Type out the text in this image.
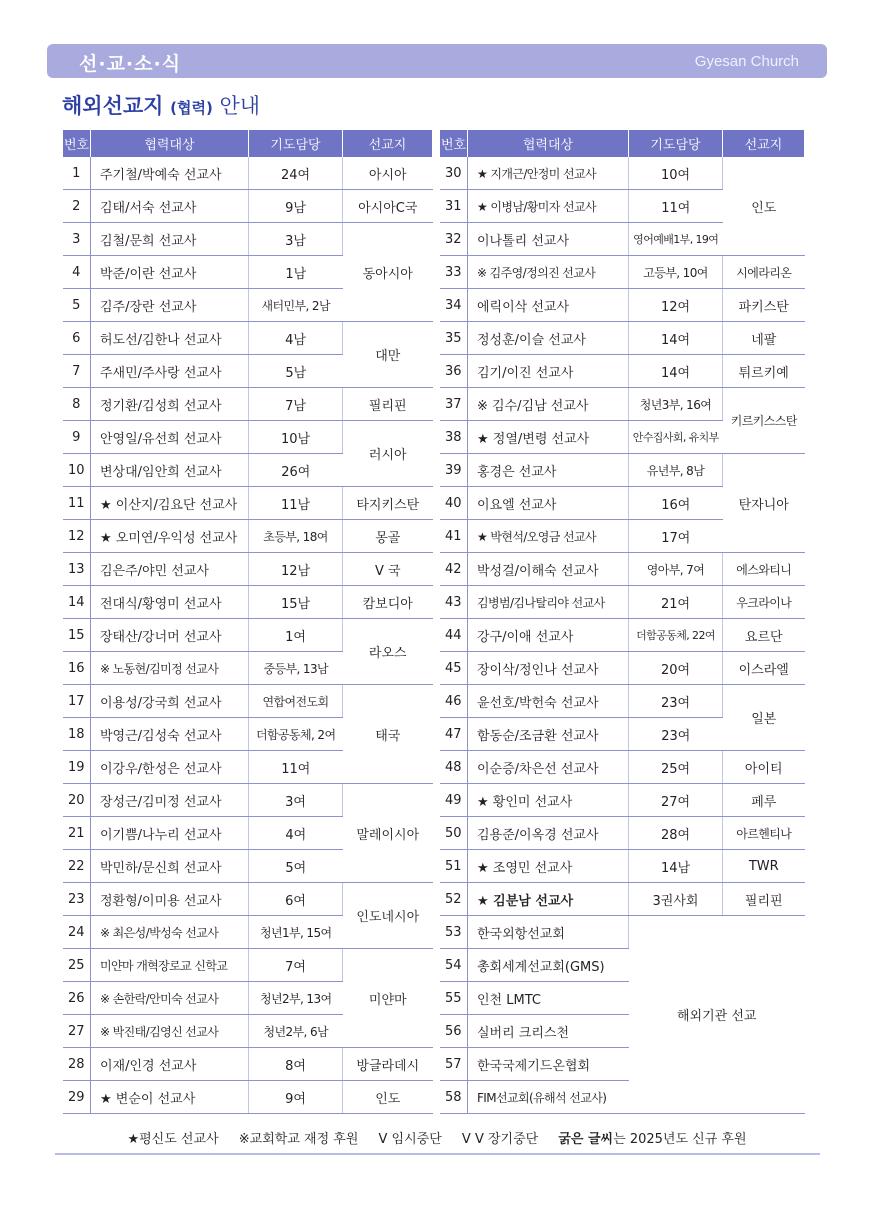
선·교·소·식	Gyesan Church
해외선교지 (협력) 안내
번호	협력대상	기도담당	선교지
1	주기철/박예숙 선교사	24여	아시아
2	김태/서숙 선교사	9남	아시아C국
3	김철/문희 선교사	3남	동아시아
4	박준/이란 선교사	1남	
5	김주/장란 선교사	새터민부, 2남	
6	허도선/김한나 선교사	4남	대만
7	주새민/주사랑 선교사	5남	
8	정기환/김성희 선교사	7남	필리핀
9	안영일/유선희 선교사	10남	러시아
10	변상대/임안희 선교사	26여	
11	★ 이산지/김요단 선교사	11남	타지키스탄
12	★ 오미연/우익성 선교사	초등부, 18여	몽골
13	김은주/야민 선교사	12남	V 국
14	전대식/황영미 선교사	15남	캄보디아
15	장태산/강너머 선교사	1여	라오스
16	※ 노동현/김미정 선교사	중등부, 13남	
17	이용성/강국희 선교사	연합여전도회	태국
18	박영근/김성숙 선교사	더함공동체, 2여	
19	이강우/한성은 선교사	11여	
20	장성근/김미정 선교사	3여	말레이시아
21	이기쁨/나누리 선교사	4여	
22	박민하/문신희 선교사	5여	
23	정환형/이미용 선교사	6여	인도네시아
24	※ 최은성/박성숙 선교사	청년1부, 15여	
25	미얀마 개혁장로교 신학교	7여	미얀마
26	※ 손한락/안미숙 선교사	청년2부, 13여	
27	※ 박진태/김영신 선교사	청년2부, 6남	
28	이재/인경 선교사	8여	방글라데시
29	★ 변순이 선교사	9여	인도
번호	협력대상	기도담당	선교지
30	★ 지개근/안정미 선교사	10여	인도
31	★ 이병남/황미자 선교사	11여	
32	이나톨리 선교사	영어예배1부, 19여	
33	※ 김주영/정의진 선교사	고등부, 10여	시에라리온
34	에릭이삭 선교사	12여	파키스탄
35	정성훈/이슬 선교사	14여	네팔
36	김기/이진 선교사	14여	튀르키예
37	※ 김수/김남 선교사	청년3부, 16여	키르키스스탄
38	★ 정열/변령 선교사	안수집사회, 유치부	
39	홍경은 선교사	유년부, 8남	탄자니아
40	이요엘 선교사	16여	
41	★ 박현석/오영금 선교사	17여	
42	박성걸/이해숙 선교사	영아부, 7여	에스와티니
43	김병범/김나탈리야 선교사	21여	우크라이나
44	강구/이애 선교사	더함공동체, 22여	요르단
45	장이삭/정인나 선교사	20여	이스라엘
46	윤선호/박헌숙 선교사	23여	일본
47	함동순/조금환 선교사	23여	
48	이순증/차은선 선교사	25여	아이티
49	★ 황인미 선교사	27여	페루
50	김용준/이옥경 선교사	28여	아르헨티나
51	★ 조영민 선교사	14남	TWR
52	★ 김분남 선교사	3권사회	필리핀
53	한국외항선교회	해외기관 선교	
54	총회세계선교회(GMS)		
55	인천 LMTC		
56	실버리 크리스천		
57	한국국제기드온협회		
58	FIM선교회(유해석 선교사)		
★평신도 선교사 ※교회학교 재정 후원 V 임시중단 V V 장기중단 굵은 글씨는 2025년도 신규 후원
